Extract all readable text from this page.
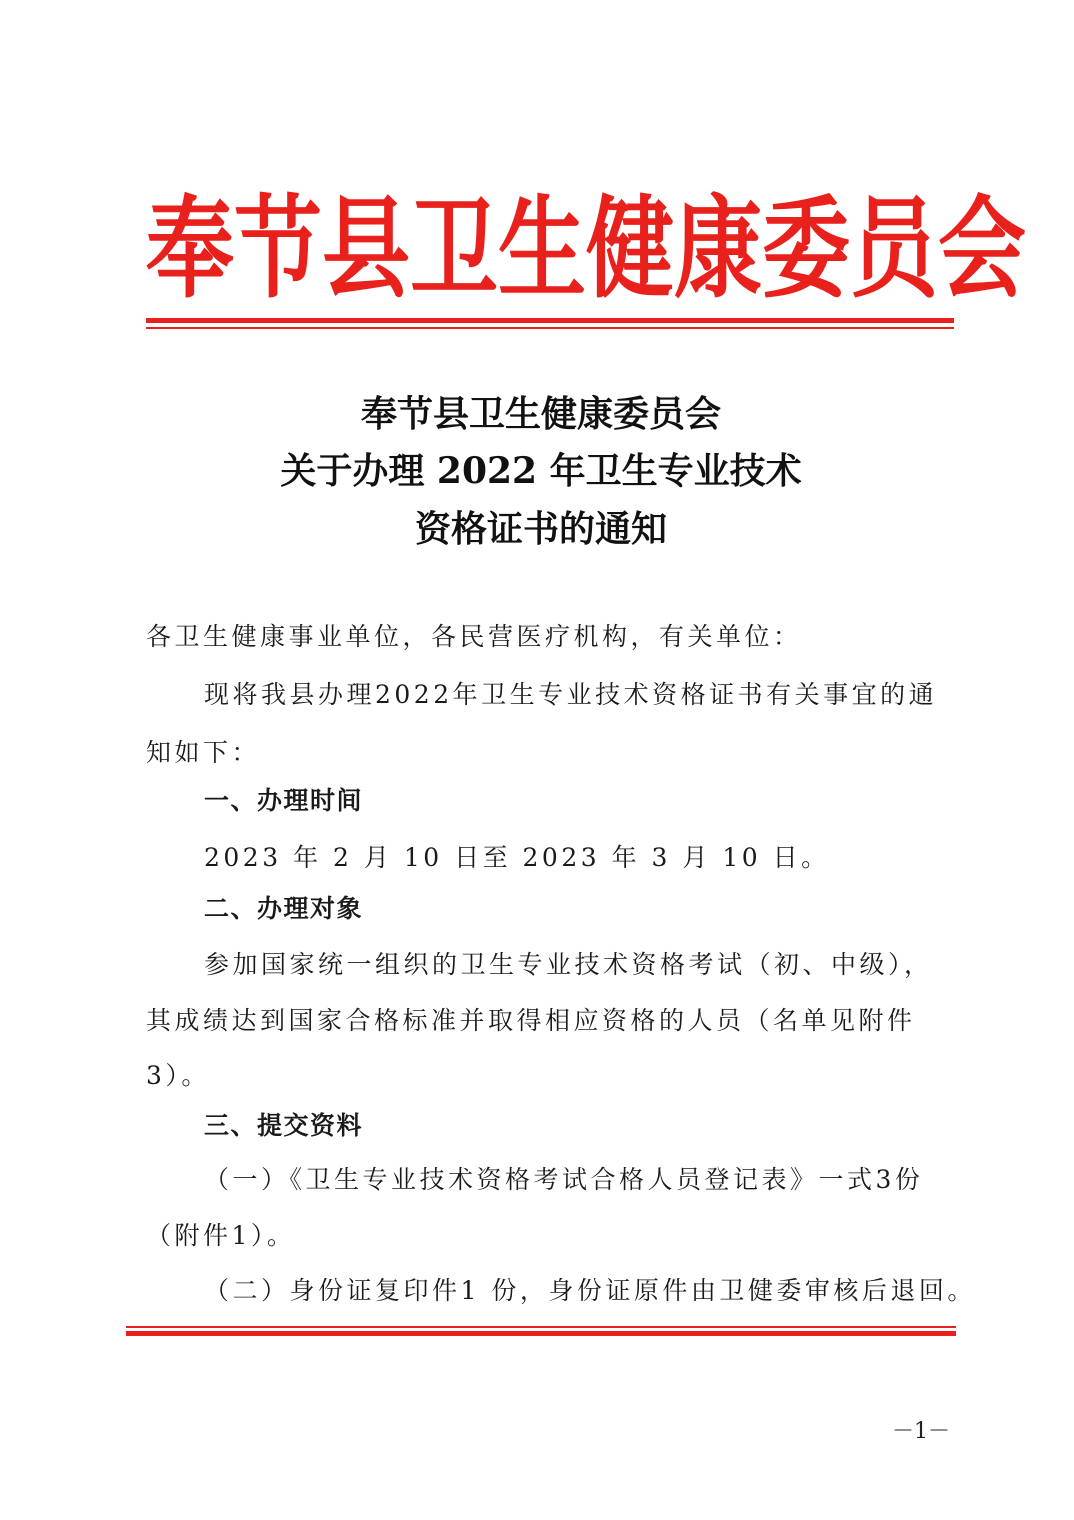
奉节县卫生健康委员会
奉节县卫生健康委员会
关于办理 2022 年卫生专业技术
资格证书的通知
各卫生健康事业单位，各民营医疗机构，有关单位：
现将我县办理2022年卫生专业技术资格证书有关事宜的通
知如下：
一、办理时间
2023 年 2 月 10 日至 2023 年 3 月 10 日。
二、办理对象
参加国家统一组织的卫生专业技术资格考试（初、中级），
其成绩达到国家合格标准并取得相应资格的人员（名单见附件
3）。
三、提交资料
（一）《卫生专业技术资格考试合格人员登记表》一式3份
（附件1）。
（二）身份证复印件1 份，身份证原件由卫健委审核后退回。
－1－
